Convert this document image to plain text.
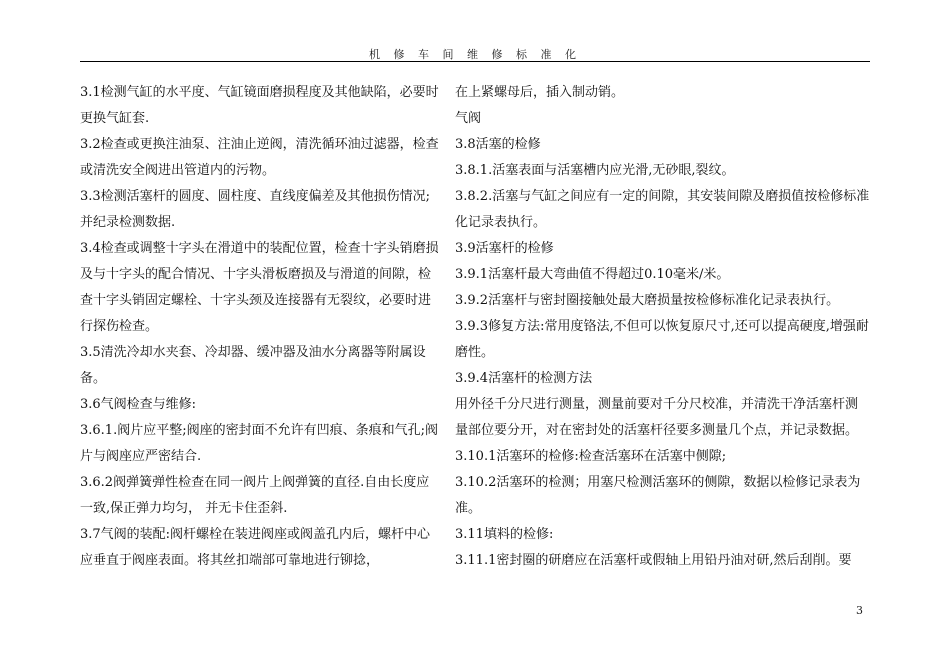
机 修 车 间 维 修 标 准 化

3.1检测气缸的水平度、气缸镜面磨损程度及其他缺陷，必要时更换气缸套.

3.2检查或更换注油泵、注油止逆阀，清洗循环油过滤器，检查或清洗安全阀进出管道内的污物。

3.3检测活塞杆的圆度、圆柱度、直线度偏差及其他损伤情况;并纪录检测数据.

3.4检查或调整十字头在滑道中的装配位置，检查十字头销磨损及与十字头的配合情况、十字头滑板磨损及与滑道的间隙，检查十字头销固定螺栓、十字头颈及连接器有无裂纹，必要时进行探伤检查。

3.5清洗冷却水夹套、冷却器、缓冲器及油水分离器等附属设备。

3.6气阀检查与维修:

3.6.1.阀片应平整;阀座的密封面不允许有凹痕、条痕和气孔;阀片与阀座应严密结合.

3.6.2阀弹簧弹性检查在同一阀片上阀弹簧的直径.自由长度应一致,保正弹力均匀， 并无卡住歪斜.

3.7气阀的装配:阀杆螺栓在装进阀座或阀盖孔内后，螺杆中心应垂直于阀座表面。将其丝扣端部可靠地进行铆捻，

在上紧螺母后，插入制动销。

气阀

3.8活塞的检修

3.8.1.活塞表面与活塞槽内应光滑,无砂眼,裂纹。

3.8.2.活塞与气缸之间应有一定的间隙，其安装间隙及磨损值按检修标准化记录表执行。

3.9活塞杆的检修

3.9.1活塞杆最大弯曲值不得超过0.10毫米/米。

3.9.2活塞杆与密封圈接触处最大磨损量按检修标准化记录表执行。

3.9.3修复方法:常用度铬法,不但可以恢复原尺寸,还可以提高硬度,增强耐磨性。

3.9.4活塞杆的检测方法

用外径千分尺进行测量，测量前要对千分尺校准，并清洗干净活塞杆测量部位要分开，对在密封处的活塞杆径要多测量几个点，并记录数据。

3.10.1活塞环的检修:检查活塞环在活塞中侧隙;

3.10.2活塞环的检测；用塞尺检测活塞环的侧隙，数据以检修记录表为准。

3.11填料的检修:

3.11.1密封圈的研磨应在活塞杆或假轴上用铅丹油对研,然后刮削。要

3
